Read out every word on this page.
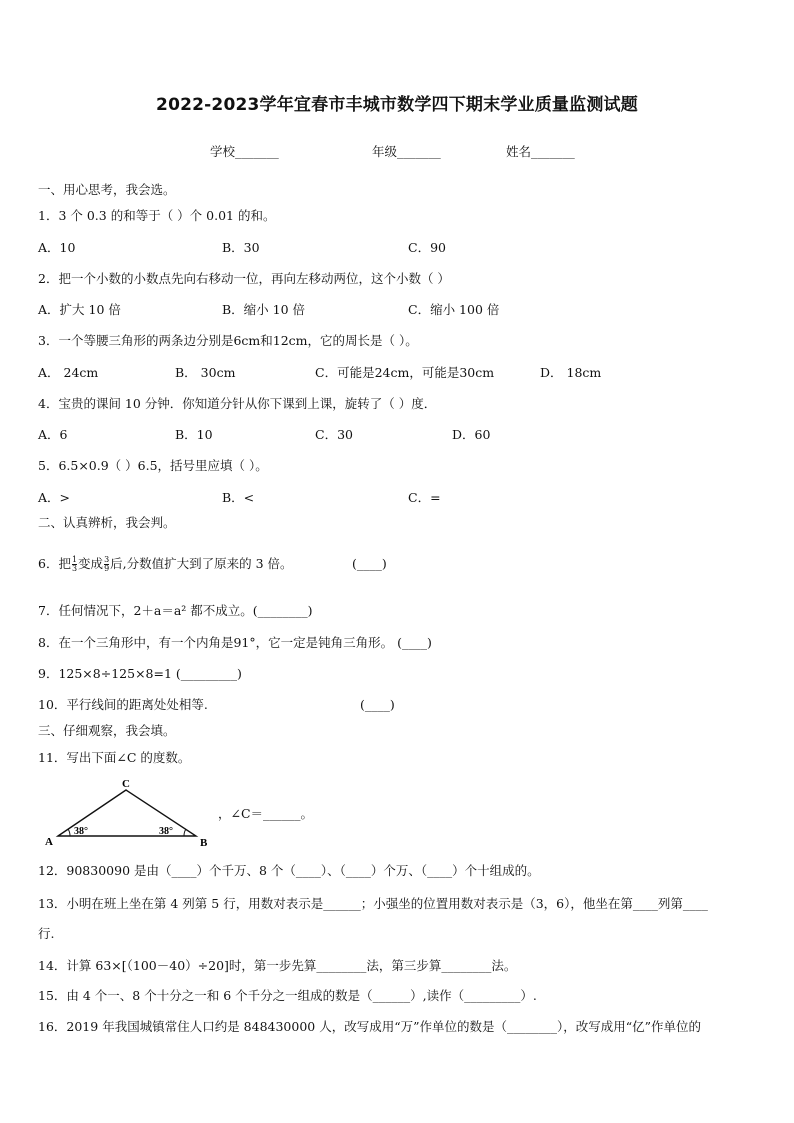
2022-2023学年宜春市丰城市数学四下期末学业质量监测试题
学校_______	年级_______	姓名_______
一、用心思考，我会选。
1．3 个 0.3 的和等于（ ）个 0.01 的和。
A．10	B．30	C．90
2．把一个小数的小数点先向右移动一位，再向左移动两位，这个小数（ ）
A．扩大 10 倍	B．缩小 10 倍	C．缩小 100 倍
3．一个等腰三角形的两条边分别是6cm和12cm，它的周长是（ ）。
A． 24cm	B． 30cm	C．可能是24cm，可能是30cm	D． 18cm
4．宝贵的课间 10 分钟．你知道分针从你下课到上课，旋转了（ ）度．
A．6	B．10	C．30	D．60
5．6.5×0.9（ ）6.5，括号里应填（ ）。
A．>	B．<	C．=
二、认真辨析，我会判。
6．把 $\frac{1}{3}$ 变成 $\frac{3}{9}$ 后,分数值扩大到了原来的 3 倍。	(____)
7．任何情况下，2＋a＝a² 都不成立。(________)
8．在一个三角形中，有一个内角是91°，它一定是钝角三角形。 (____)
9．125×8÷125×8=1 (_________)
10．平行线间的距离处处相等.	(____)
三、仔细观察，我会填。
11．写出下面∠C 的度数。
A	B
C
38°	38°
，∠C＝______。
12．90830090 是由（____）个千万、8 个（____）、（____）个万、（____）个十组成的。
13．小明在班上坐在第 4 列第 5 行，用数对表示是______；小强坐的位置用数对表示是（3，6），他坐在第____列第____
行.
14．计算 63×[（100－40）÷20]时，第一步先算________法，第三步算________法。
15．由 4 个一、8 个十分之一和 6 个千分之一组成的数是（______）,读作（_________）.
16．2019 年我国城镇常住人口约是 848430000 人，改写成用“万”作单位的数是（________），改写成用“亿”作单位的
